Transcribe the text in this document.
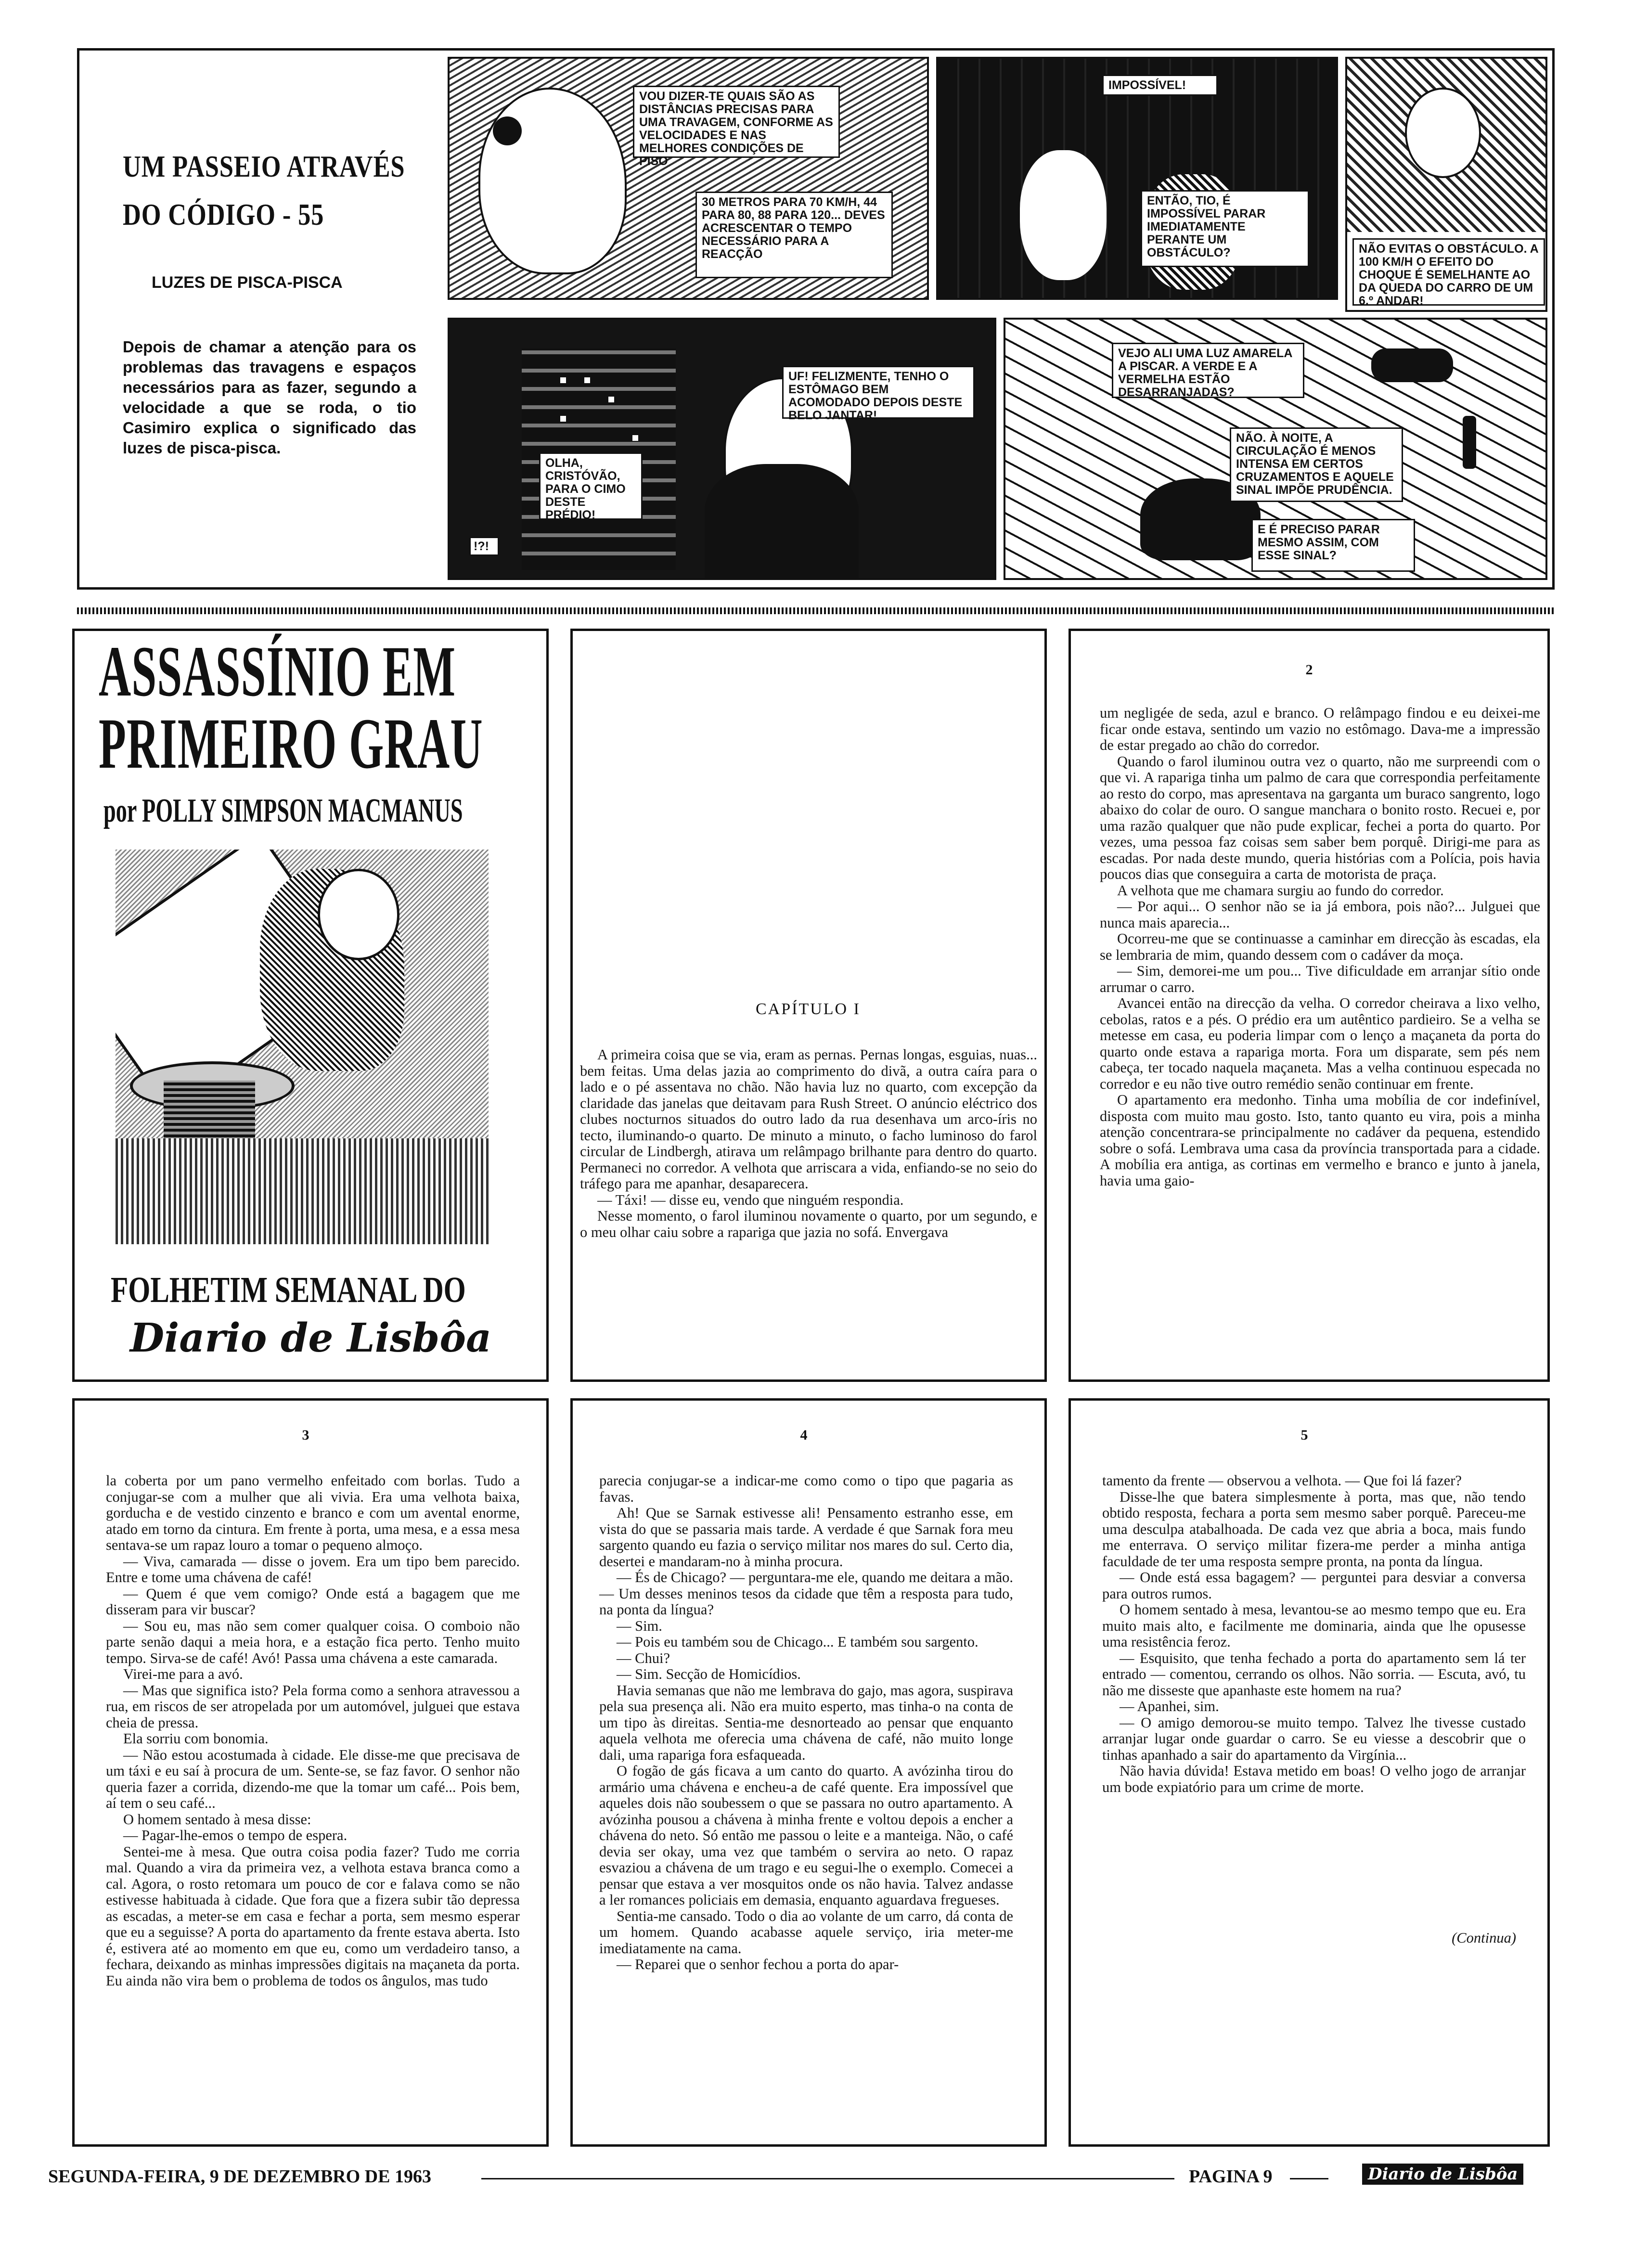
UM PASSEIO ATRAVÉS
DO CÓDIGO - 55
LUZES DE PISCA-PISCA
Depois de chamar a atenção para os problemas das travagens e espaços necessários para as fazer, segundo a velocidade a que se roda, o tio Casimiro explica o significado das luzes de pisca-pisca.
VOU DIZER-TE QUAIS SÃO AS DISTÂNCIAS PRECISAS PARA UMA TRAVAGEM, CONFORME AS VELOCIDADES E NAS MELHORES CONDIÇÕES DE PISO
30 METROS PARA 70 KM/H, 44 PARA 80, 88 PARA 120... DEVES ACRESCENTAR O TEMPO NECESSÁRIO PARA A REACÇÃO
IMPOSSÍVEL!
ENTÃO, TIO, É IMPOSSÍVEL PARAR IMEDIATAMENTE PERANTE UM OBSTÁCULO?	NÃO EVITAS O OBSTÁCULO. A 100 KM/H O EFEITO DO CHOQUE É SEMELHANTE AO DA QUEDA DO CARRO DE UM 6.º ANDAR!
UF! FELIZMENTE, TENHO O ESTÔMAGO BEM ACOMODADO DEPOIS DESTE BELO JANTAR!
OLHA, CRISTÓVÃO, PARA O CIMO DESTE PRÉDIO!
!?!
VEJO ALI UMA LUZ AMARELA A PISCAR. A VERDE E A VERMELHA ESTÃO DESARRANJADAS?
NÃO. À NOITE, A CIRCULAÇÃO É MENOS INTENSA EM CERTOS CRUZAMENTOS E AQUELE SINAL IMPÕE PRUDÊNCIA.
E É PRECISO PARAR MESMO ASSIM, COM ESSE SINAL?
ASSASSÍNIO EM
PRIMEIRO GRAU
por POLLY SIMPSON MACMANUS
FOLHETIM SEMANAL DO
Diario de Lisbôa
CAPÍTULO I

A primeira coisa que se via, eram as pernas. Pernas longas, esguias, nuas... bem feitas. Uma delas jazia ao comprimento do divã, a outra caíra para o lado e o pé assentava no chão. Não havia luz no quarto, com excepção da claridade das janelas que deitavam para Rush Street. O anúncio eléctrico dos clubes nocturnos situados do outro lado da rua desenhava um arco-íris no tecto, iluminando-o quarto. De minuto a minuto, o facho luminoso do farol circular de Lindbergh, atirava um relâmpago brilhante para dentro do quarto. Permaneci no corredor. A velhota que arriscara a vida, enfiando-se no seio do tráfego para me apanhar, desaparecera.

— Táxi! — disse eu, vendo que ninguém respondia.

Nesse momento, o farol iluminou novamente o quarto, por um segundo, e o meu olhar caiu sobre a rapariga que jazia no sofá. Envergava

2

um negligée de seda, azul e branco. O relâmpago findou e eu deixei-me ficar onde estava, sentindo um vazio no estômago. Dava-me a impressão de estar pregado ao chão do corredor.

Quando o farol iluminou outra vez o quarto, não me surpreendi com o que vi. A rapariga tinha um palmo de cara que correspondia perfeitamente ao resto do corpo, mas apresentava na garganta um buraco sangrento, logo abaixo do colar de ouro. O sangue manchara o bonito rosto. Recuei e, por uma razão qualquer que não pude explicar, fechei a porta do quarto. Por vezes, uma pessoa faz coisas sem saber bem porquê. Dirigi-me para as escadas. Por nada deste mundo, queria histórias com a Polícia, pois havia poucos dias que conseguira a carta de motorista de praça.

A velhota que me chamara surgiu ao fundo do corredor.

— Por aqui... O senhor não se ia já embora, pois não?... Julguei que nunca mais aparecia...

Ocorreu-me que se continuasse a caminhar em direcção às escadas, ela se lembraria de mim, quando dessem com o cadáver da moça.

— Sim, demorei-me um pou... Tive dificuldade em arranjar sítio onde arrumar o carro.

Avancei então na direcção da velha. O corredor cheirava a lixo velho, cebolas, ratos e a pés. O prédio era um autêntico pardieiro. Se a velha se metesse em casa, eu poderia limpar com o lenço a maçaneta da porta do quarto onde estava a rapariga morta. Fora um disparate, sem pés nem cabeça, ter tocado naquela maçaneta. Mas a velha continuou especada no corredor e eu não tive outro remédio senão continuar em frente.

O apartamento era medonho. Tinha uma mobília de cor indefinível, disposta com muito mau gosto. Isto, tanto quanto eu vira, pois a minha atenção concentrara-se principalmente no cadáver da pequena, estendido sobre o sofá. Lembrava uma casa da província transportada para a cidade. A mobília era antiga, as cortinas em vermelho e branco e junto à janela, havia uma gaio-

3

la coberta por um pano vermelho enfeitado com borlas. Tudo a conjugar-se com a mulher que ali vivia. Era uma velhota baixa, gorducha e de vestido cinzento e branco e com um avental enorme, atado em torno da cintura. Em frente à porta, uma mesa, e a essa mesa sentava-se um rapaz louro a tomar o pequeno almoço.

— Viva, camarada — disse o jovem. Era um tipo bem parecido. Entre e tome uma chávena de café!

— Quem é que vem comigo? Onde está a bagagem que me disseram para vir buscar?

— Sou eu, mas não sem comer qualquer coisa. O comboio não parte senão daqui a meia hora, e a estação fica perto. Tenho muito tempo. Sirva-se de café! Avó! Passa uma chávena a este camarada.

Virei-me para a avó.

— Mas que significa isto? Pela forma como a senhora atravessou a rua, em riscos de ser atropelada por um automóvel, julguei que estava cheia de pressa.

Ela sorriu com bonomia.

— Não estou acostumada à cidade. Ele disse-me que precisava de um táxi e eu saí à procura de um. Sente-se, se faz favor. O senhor não queria fazer a corrida, dizendo-me que la tomar um café... Pois bem, aí tem o seu café...

O homem sentado à mesa disse:

— Pagar-lhe-emos o tempo de espera.

Sentei-me à mesa. Que outra coisa podia fazer? Tudo me corria mal. Quando a vira da primeira vez, a velhota estava branca como a cal. Agora, o rosto retomara um pouco de cor e falava como se não estivesse habituada à cidade. Que fora que a fizera subir tão depressa as escadas, a meter-se em casa e fechar a porta, sem mesmo esperar que eu a seguisse? A porta do apartamento da frente estava aberta. Isto é, estivera até ao momento em que eu, como um verdadeiro tanso, a fechara, deixando as minhas impressões digitais na maçaneta da porta. Eu ainda não vira bem o problema de todos os ângulos, mas tudo

4

parecia conjugar-se a indicar-me como como o tipo que pagaria as favas.

Ah! Que se Sarnak estivesse ali! Pensamento estranho esse, em vista do que se passaria mais tarde. A verdade é que Sarnak fora meu sargento quando eu fazia o serviço militar nos mares do sul. Certo dia, desertei e mandaram-no à minha procura.

— És de Chicago? — perguntara-me ele, quando me deitara a mão. — Um desses meninos tesos da cidade que têm a resposta para tudo, na ponta da língua?

— Sim.

— Pois eu também sou de Chicago... E também sou sargento.

— Chui?

— Sim. Secção de Homicídios.

Havia semanas que não me lembrava do gajo, mas agora, suspirava pela sua presença ali. Não era muito esperto, mas tinha-o na conta de um tipo às direitas. Sentia-me desnorteado ao pensar que enquanto aquela velhota me oferecia uma chávena de café, não muito longe dali, uma rapariga fora esfaqueada.

O fogão de gás ficava a um canto do quarto. A avózinha tirou do armário uma chávena e encheu-a de café quente. Era impossível que aqueles dois não soubessem o que se passara no outro apartamento. A avózinha pousou a chávena à minha frente e voltou depois a encher a chávena do neto. Só então me passou o leite e a manteiga. Não, o café devia ser okay, uma vez que também o servira ao neto. O rapaz esvaziou a chávena de um trago e eu segui-lhe o exemplo. Comecei a pensar que estava a ver mosquitos onde os não havia. Talvez andasse a ler romances policiais em demasia, enquanto aguardava fregueses.

Sentia-me cansado. Todo o dia ao volante de um carro, dá conta de um homem. Quando acabasse aquele serviço, iria meter-me imediatamente na cama.

— Reparei que o senhor fechou a porta do apar-

5

tamento da frente — observou a velhota. — Que foi lá fazer?

Disse-lhe que batera simplesmente à porta, mas que, não tendo obtido resposta, fechara a porta sem mesmo saber porquê. Pareceu-me uma desculpa atabalhoada. De cada vez que abria a boca, mais fundo me enterrava. O serviço militar fizera-me perder a minha antiga faculdade de ter uma resposta sempre pronta, na ponta da língua.

— Onde está essa bagagem? — perguntei para desviar a conversa para outros rumos.

O homem sentado à mesa, levantou-se ao mesmo tempo que eu. Era muito mais alto, e facilmente me dominaria, ainda que lhe opusesse uma resistência feroz.

— Esquisito, que tenha fechado a porta do apartamento sem lá ter entrado — comentou, cerrando os olhos. Não sorria. — Escuta, avó, tu não me disseste que apanhaste este homem na rua?

— Apanhei, sim.

— O amigo demorou-se muito tempo. Talvez lhe tivesse custado arranjar lugar onde guardar o carro. Se eu viesse a descobrir que o tinhas apanhado a sair do apartamento da Virgínia...

Não havia dúvida! Estava metido em boas! O velho jogo de arranjar um bode expiatório para um crime de morte.

(Continua)
SEGUNDA-FEIRA, 9 DE DEZEMBRO DE 1963	PAGINA 9	Diario de Lisbôa
